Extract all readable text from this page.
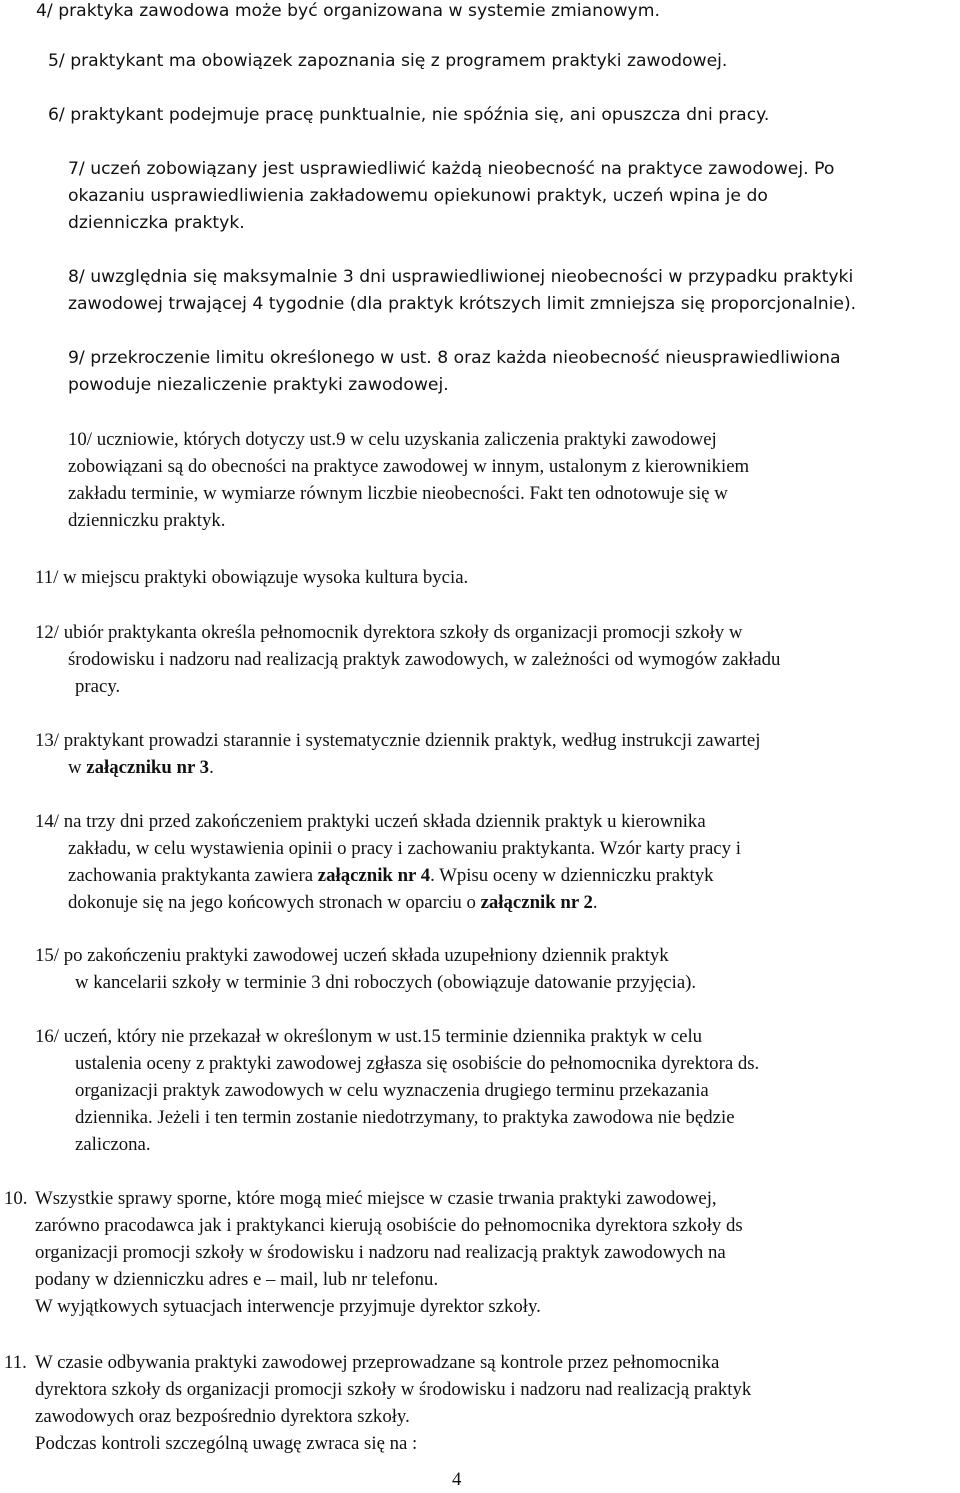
4/ praktyka zawodowa może być organizowana w systemie zmianowym.
5/ praktykant ma obowiązek zapoznania się z programem praktyki zawodowej.
6/ praktykant podejmuje pracę punktualnie, nie spóźnia się, ani opuszcza dni pracy.
7/ uczeń zobowiązany jest usprawiedliwić każdą nieobecność na praktyce zawodowej. Po
okazaniu usprawiedliwienia zakładowemu opiekunowi praktyk, uczeń wpina je do
dzienniczka praktyk.
8/ uwzględnia się maksymalnie 3 dni usprawiedliwionej nieobecności w przypadku praktyki
zawodowej trwającej 4 tygodnie (dla praktyk krótszych limit zmniejsza się proporcjonalnie).
9/ przekroczenie limitu określonego w ust. 8 oraz każda nieobecność nieusprawiedliwiona
powoduje niezaliczenie praktyki zawodowej.
10/ uczniowie, których dotyczy ust.9 w celu uzyskania zaliczenia praktyki zawodowej
zobowiązani są do obecności na praktyce zawodowej w innym, ustalonym z kierownikiem
zakładu terminie, w wymiarze równym liczbie nieobecności. Fakt ten odnotowuje się w
dzienniczku praktyk.
11/ w miejscu praktyki obowiązuje wysoka kultura bycia.
12/ ubiór praktykanta określa pełnomocnik dyrektora szkoły ds organizacji promocji szkoły w
środowisku i nadzoru nad realizacją praktyk zawodowych, w zależności od wymogów zakładu
pracy.
13/ praktykant prowadzi starannie i systematycznie dziennik praktyk, według instrukcji zawartej
w załączniku nr 3.
14/ na trzy dni przed zakończeniem praktyki uczeń składa dziennik praktyk u kierownika
zakładu, w celu wystawienia opinii o pracy i zachowaniu praktykanta. Wzór karty pracy i
zachowania praktykanta zawiera załącznik nr 4. Wpisu oceny w dzienniczku praktyk
dokonuje się na jego końcowych stronach w oparciu o załącznik nr 2.
15/ po zakończeniu praktyki zawodowej uczeń składa uzupełniony dziennik praktyk
w kancelarii szkoły w terminie 3 dni roboczych (obowiązuje datowanie przyjęcia).
16/ uczeń, który nie przekazał w określonym w ust.15 terminie dziennika praktyk w celu
ustalenia oceny z praktyki zawodowej zgłasza się osobiście do pełnomocnika dyrektora ds.
organizacji praktyk zawodowych w celu wyznaczenia drugiego terminu przekazania
dziennika. Jeżeli i ten termin zostanie niedotrzymany, to praktyka zawodowa nie będzie
zaliczona.
10. Wszystkie sprawy sporne, które mogą mieć miejsce w czasie trwania praktyki zawodowej,
zarówno pracodawca jak i praktykanci kierują osobiście do pełnomocnika dyrektora szkoły ds
organizacji promocji szkoły w środowisku i nadzoru nad realizacją praktyk zawodowych na
podany w dzienniczku adres e – mail, lub nr telefonu.
W wyjątkowych sytuacjach interwencje przyjmuje dyrektor szkoły.
11. W czasie odbywania praktyki zawodowej przeprowadzane są kontrole przez pełnomocnika
dyrektora szkoły ds organizacji promocji szkoły w środowisku i nadzoru nad realizacją praktyk
zawodowych oraz bezpośrednio dyrektora szkoły.
Podczas kontroli szczególną uwagę zwraca się na :
4
